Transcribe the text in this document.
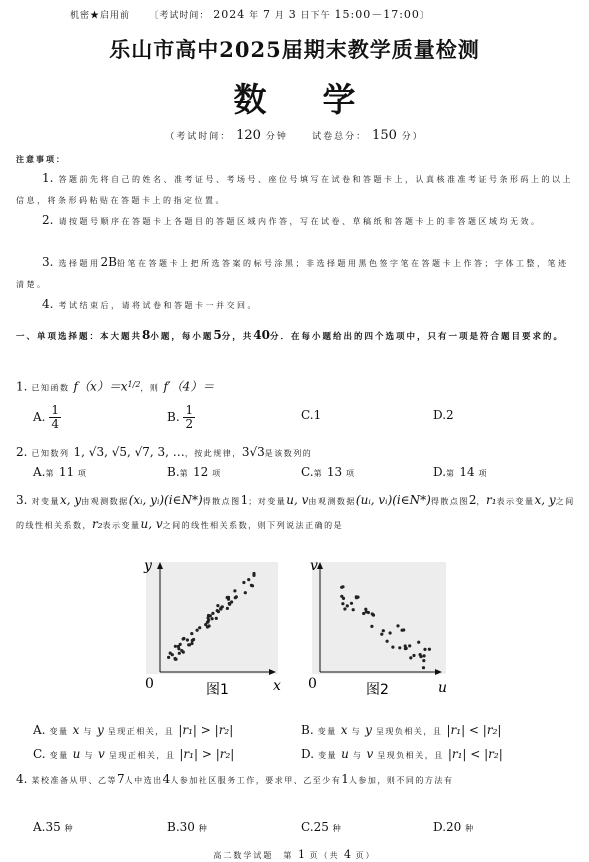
机密★启用前 〔考试时间： 2024 年 7 月 3 日下午 15:00－17:00〕
乐山市高中2025届期末教学质量检测
数学
（考试时间： 120 分钟	试卷总分： 150 分）
注意事项：
1. 答题前先将自己的姓名、准考证号、考场号、座位号填写在试卷和答题卡上，认真核准准考证号条形码上的以上信息，将条形码粘贴在答题卡上的指定位置。
2. 请按题号顺序在答题卡上各题目的答题区域内作答，写在试卷、草稿纸和答题卡上的非答题区域均无效。
3. 选择题用2B铅笔在答题卡上把所选答案的标号涂黑；非选择题用黑色签字笔在答题卡上作答；字体工整，笔迹清楚。
4. 考试结束后，请将试卷和答题卡一并交回。
一、单项选择题：本大题共8小题，每小题5分，共40分．在每小题给出的四个选项中，只有一项是符合题目要求的。
1. 已知函数 $f(x)=x^{1/2}$，则 f′（4）＝
A. $\frac{1}{4}$	B. $\frac{1}{2}$	C.1	D.2
2. 已知数列 1, √3, √5, √7, 3, …，按此规律，3√3是该数列的
A.第 11 项	B.第 12 项	C.第 13 项	D.第 14 项
3. 对变量x, y由观测数据(xᵢ, yᵢ)(i∈N*)得散点图1；对变量u, v由观测数据(uᵢ, vᵢ)(i∈N*)得散点图2，r₁表示变量x, y之间的线性相关系数，r₂表示变量u, v之间的线性相关系数，则下列说法正确的是
y
x
0	图1
v
u
0	图2
A. 变量 x 与 y 呈现正相关，且 |r₁| > |r₂|	B. 变量 x 与 y 呈现负相关，且 |r₁| < |r₂|
C. 变量 u 与 v 呈现正相关，且 |r₁| > |r₂|	D. 变量 u 与 v 呈现负相关，且 |r₁| < |r₂|
4. 某校准备从甲、乙等7人中选出4人参加社区服务工作，要求甲、乙至少有1人参加，则不同的方法有
A.35 种	B.30 种	C.25 种	D.20 种
高二数学试题　第 1 页（共 4 页）
